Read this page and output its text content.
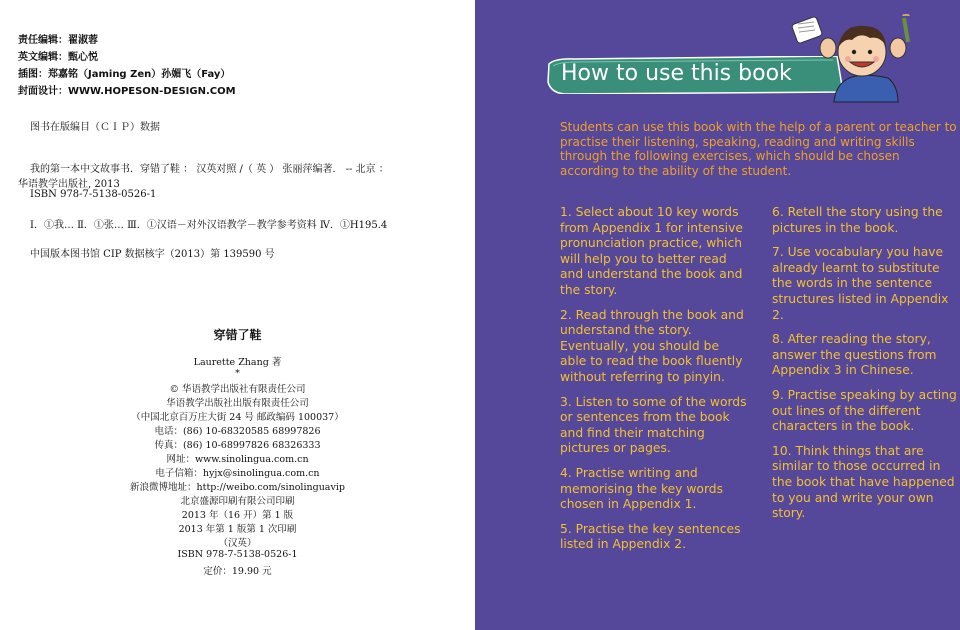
责任编辑：翟淑蓉
英文编辑：甄心悦
插图：郑嘉铭（Jaming Zen）孙媚飞（Fay）
封面设计：WWW.HOPESON-DESIGN.COM
图书在版编目（ＣＩＰ）数据
我的第一本中文故事书．穿错了鞋 ： 汉英对照 /（ 英 ） 张丽萍编著． -- 北京 ：
华语教学出版社, 2013
ISBN 978-7-5138-0526-1
Ⅰ．①我… Ⅱ．①张… Ⅲ．①汉语－对外汉语教学－教学参考资料 Ⅳ．①H195.4
中国版本图书馆 CIP 数据核字（2013）第 139590 号
穿错了鞋
Laurette Zhang 著
*
© 华语教学出版社有限责任公司
华语教学出版社出版有限责任公司
（中国北京百万庄大街 24 号 邮政编码 100037）
电话：(86) 10-68320585 68997826
传真：(86) 10-68997826 68326333
网址：www.sinolingua.com.cn
电子信箱：hyjx@sinolingua.com.cn
新浪微博地址：http://weibo.com/sinolinguavip
北京盛源印刷有限公司印刷
2013 年（16 开）第 1 版
2013 年第 1 版第 1 次印刷
（汉英）
ISBN 978-7-5138-0526-1
定价：19.90 元
How to use this book
Students can use this book with the help of a parent or teacher to practise their listening, speaking, reading and writing skills through the following exercises, which should be chosen according to the ability of the student.

1. Select about 10 key words from Appendix 1 for intensive pronunciation practice, which will help you to better read and understand the book and the story.

2. Read through the book and understand the story. Eventually, you should be able to read the book fluently without referring to pinyin.

3. Listen to some of the words or sentences from the book and find their matching pictures or pages.

4. Practise writing and memorising the key words chosen in Appendix 1.

5. Practise the key sentences listed in Appendix 2.

6. Retell the story using the pictures in the book.

7. Use vocabulary you have already learnt to substitute the words in the sentence structures listed in Appendix 2.

8. After reading the story, answer the questions from Appendix 3 in Chinese.

9. Practise speaking by acting out lines of the different characters in the book.

10. Think things that are similar to those occurred in the book that have happened to you and write your own story.
